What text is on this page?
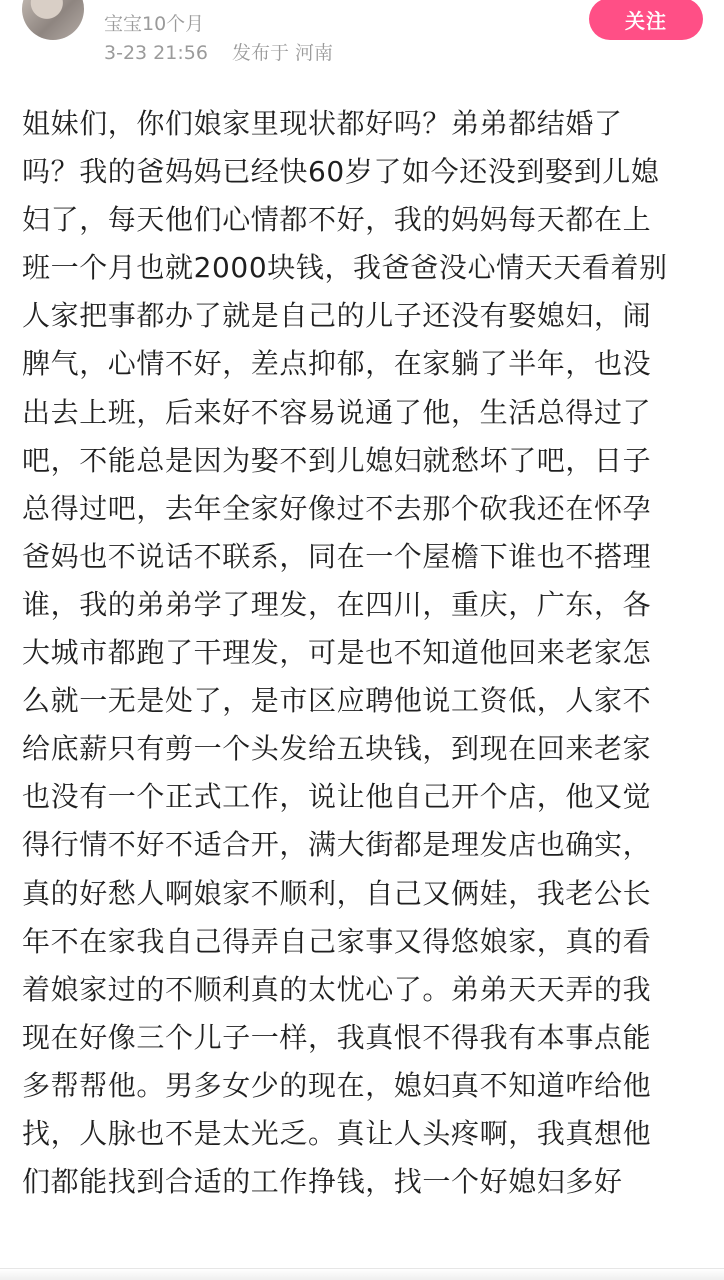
宝宝10个月
3-23 21:56 发布于 河南
关注
姐妹们，你们娘家里现状都好吗？弟弟都结婚了
吗？我的爸妈妈已经快60岁了如今还没到娶到儿媳
妇了，每天他们心情都不好，我的妈妈每天都在上
班一个月也就2000块钱，我爸爸没心情天天看着别
人家把事都办了就是自己的儿子还没有娶媳妇，闹
脾气，心情不好，差点抑郁，在家躺了半年，也没
出去上班，后来好不容易说通了他，生活总得过了
吧，不能总是因为娶不到儿媳妇就愁坏了吧，日子
总得过吧，去年全家好像过不去那个砍我还在怀孕
爸妈也不说话不联系，同在一个屋檐下谁也不搭理
谁，我的弟弟学了理发，在四川，重庆，广东，各
大城市都跑了干理发，可是也不知道他回来老家怎
么就一无是处了，是市区应聘他说工资低，人家不
给底薪只有剪一个头发给五块钱，到现在回来老家
也没有一个正式工作，说让他自己开个店，他又觉
得行情不好不适合开，满大街都是理发店也确实，
真的好愁人啊娘家不顺利，自己又俩娃，我老公长
年不在家我自己得弄自己家事又得悠娘家，真的看
着娘家过的不顺利真的太忧心了。弟弟天天弄的我
现在好像三个儿子一样，我真恨不得我有本事点能
多帮帮他。男多女少的现在，媳妇真不知道咋给他
找，人脉也不是太光乏。真让人头疼啊，我真想他
们都能找到合适的工作挣钱，找一个好媳妇多好
